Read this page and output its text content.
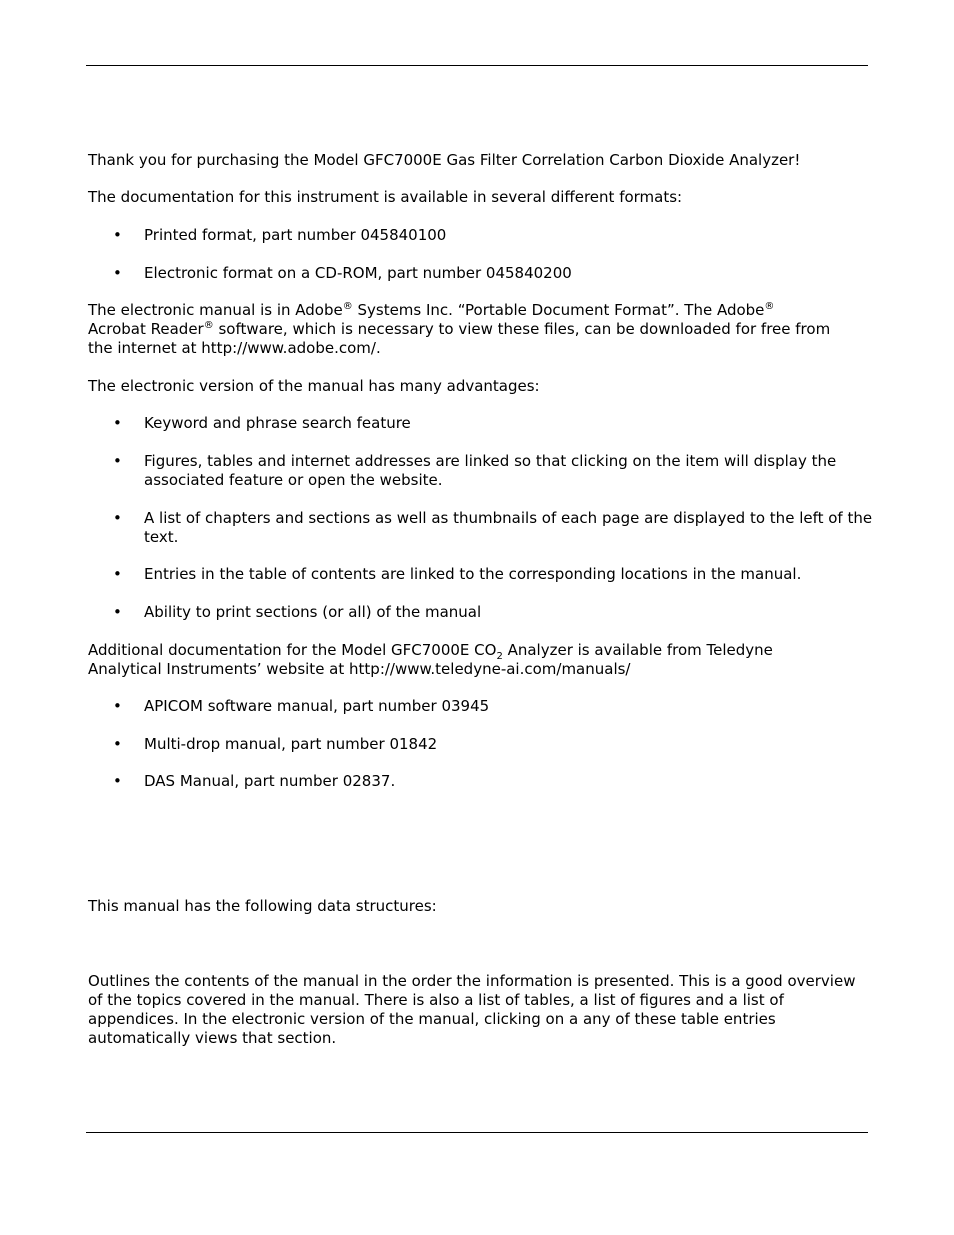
Thank you for purchasing the Model GFC7000E Gas Filter Correlation Carbon Dioxide Analyzer!

The documentation for this instrument is available in several different formats:

•	Printed format, part number 045840100
•	Electronic format on a CD-ROM, part number 045840200

The electronic manual is in Adobe® Systems Inc. “Portable Document Format”. The Adobe®
Acrobat Reader® software, which is necessary to view these files, can be downloaded for free from
the internet at http://www.adobe.com/.

The electronic version of the manual has many advantages:

•	Keyword and phrase search feature
•	Figures, tables and internet addresses are linked so that clicking on the item will display the associated feature or open the website.
•	A list of chapters and sections as well as thumbnails of each page are displayed to the left of the text.
•	Entries in the table of contents are linked to the corresponding locations in the manual.
•	Ability to print sections (or all) of the manual

Additional documentation for the Model GFC7000E $CO_2$ Analyzer is available from Teledyne Analytical Instruments’ website at http://www.teledyne-ai.com/manuals/

•	APICOM software manual, part number 03945
•	Multi-drop manual, part number 01842
•	DAS Manual, part number 02837.

This manual has the following data structures:

Outlines the contents of the manual in the order the information is presented. This is a good overview of the topics covered in the manual. There is also a list of tables, a list of figures and a list of appendices. In the electronic version of the manual, clicking on a any of these table entries automatically views that section.
